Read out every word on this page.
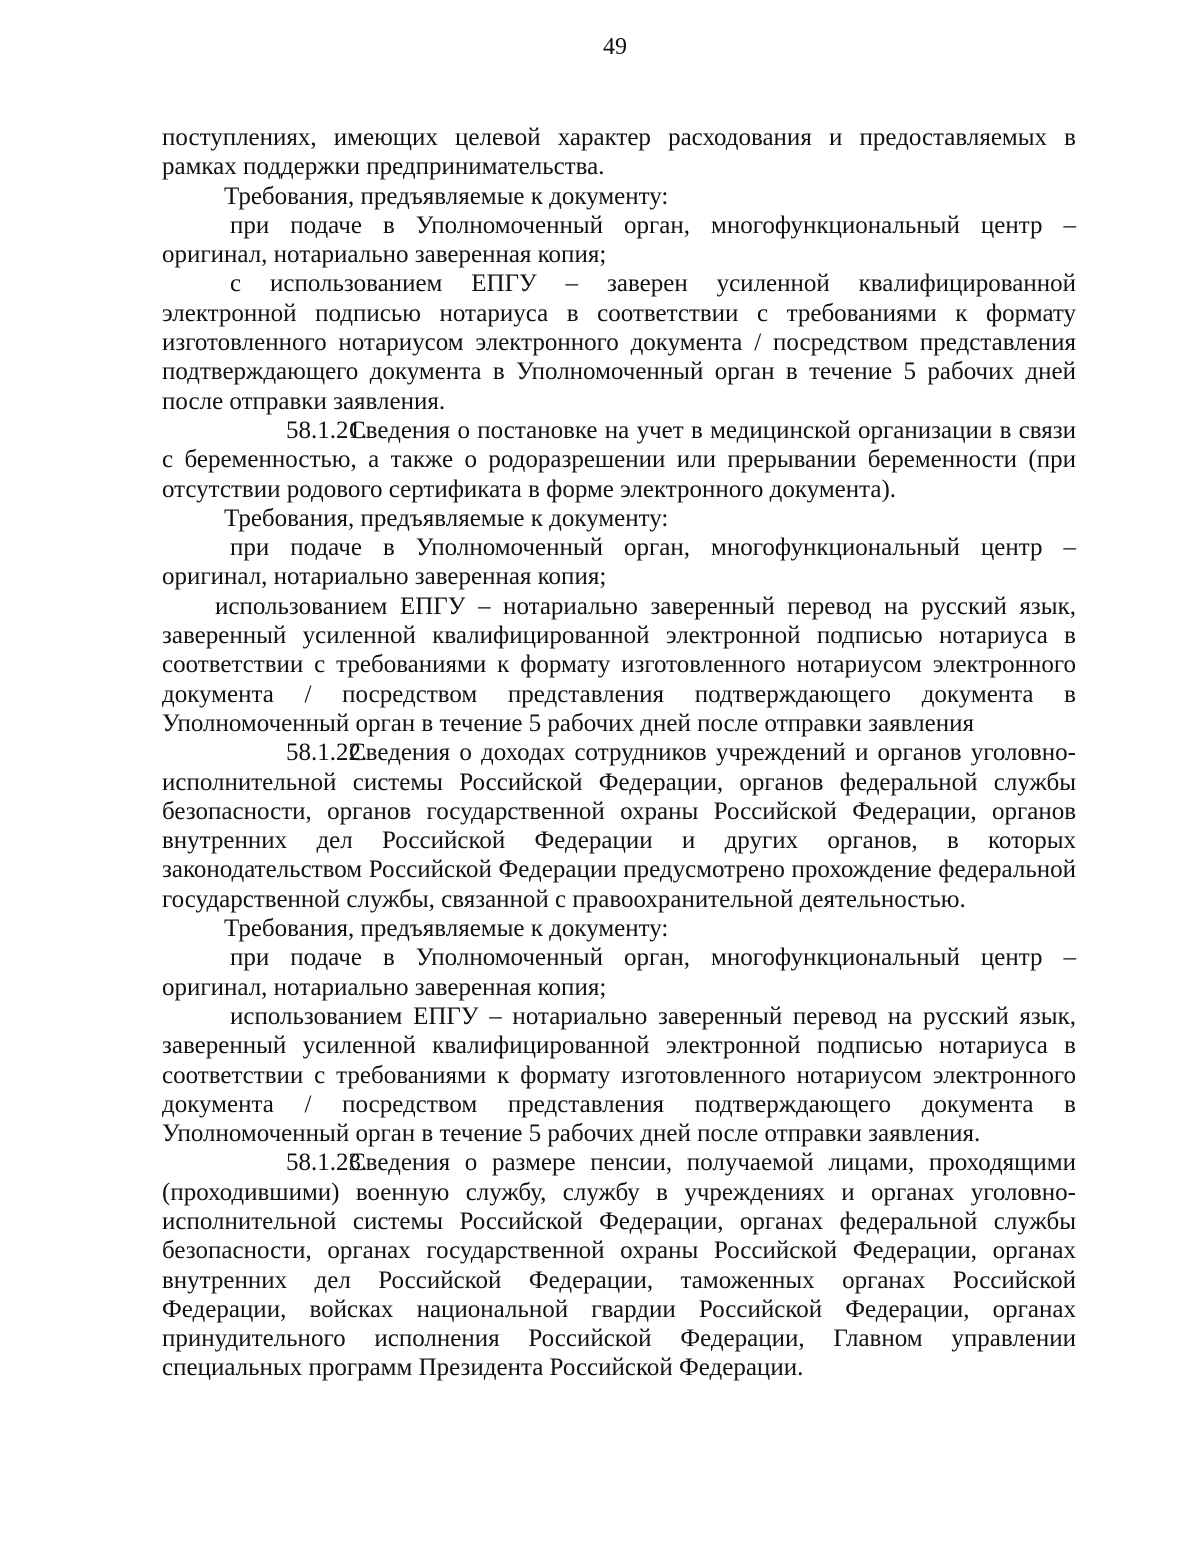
49

поступлениях, имеющих целевой характер расходования и предоставляемых в рамках поддержки предпринимательства.

Требования, предъявляемые к документу:

при подаче в Уполномоченный орган, многофункциональный центр – оригинал, нотариально заверенная копия;

с использованием ЕПГУ – заверен усиленной квалифицированной электронной подписью нотариуса в соответствии с требованиями к формату изготовленного нотариусом электронного документа / посредством представления подтверждающего документа в Уполномоченный орган в течение 5 рабочих дней после отправки заявления.

58.1.21.Сведения о постановке на учет в медицинской организации в связи с беременностью, а также о родоразрешении или прерывании беременности (при отсутствии родового сертификата в форме электронного документа).

Требования, предъявляемые к документу:

при подаче в Уполномоченный орган, многофункциональный центр – оригинал, нотариально заверенная копия;

использованием ЕПГУ – нотариально заверенный перевод на русский язык, заверенный усиленной квалифицированной электронной подписью нотариуса в соответствии с требованиями к формату изготовленного нотариусом электронного документа / посредством представления подтверждающего документа в Уполномоченный орган в течение 5 рабочих дней после отправки заявления

58.1.22.Сведения о доходах сотрудников учреждений и органов уголовно-исполнительной системы Российской Федерации, органов федеральной службы безопасности, органов государственной охраны Российской Федерации, органов внутренних дел Российской Федерации и других органов, в которых законодательством Российской Федерации предусмотрено прохождение федеральной государственной службы, связанной с правоохранительной деятельностью.

Требования, предъявляемые к документу:

при подаче в Уполномоченный орган, многофункциональный центр – оригинал, нотариально заверенная копия;

использованием ЕПГУ – нотариально заверенный перевод на русский язык, заверенный усиленной квалифицированной электронной подписью нотариуса в соответствии с требованиями к формату изготовленного нотариусом электронного документа / посредством представления подтверждающего документа в Уполномоченный орган в течение 5 рабочих дней после отправки заявления.

58.1.23.Сведения о размере пенсии, получаемой лицами, проходящими (проходившими) военную службу, службу в учреждениях и органах уголовно-исполнительной системы Российской Федерации, органах федеральной службы безопасности, органах государственной охраны Российской Федерации, органах внутренних дел Российской Федерации, таможенных органах Российской Федерации, войсках национальной гвардии Российской Федерации, органах принудительного исполнения Российской Федерации, Главном управлении специальных программ Президента Российской Федерации.
